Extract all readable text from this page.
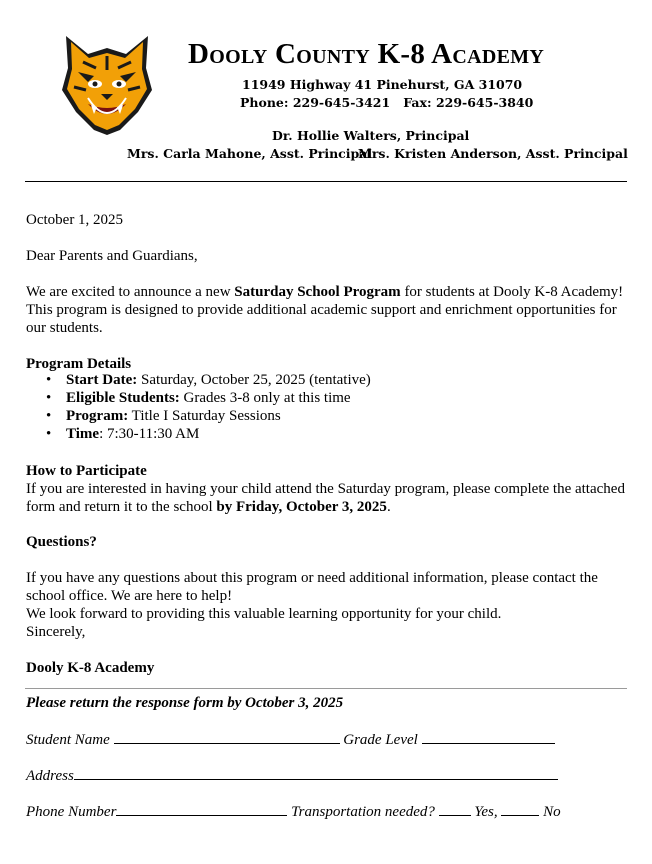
Dooly County K-8 Academy
11949 Highway 41 Pinehurst, GA 31070
Phone: 229-645-3421   Fax: 229-645-3840
Dr. Hollie Walters, Principal
Mrs. Carla Mahone, Asst. Principal
Mrs. Kristen Anderson, Asst. Principal
October 1, 2025
Dear Parents and Guardians,
We are excited to announce a new Saturday School Program for students at Dooly K-8 Academy! This program is designed to provide additional academic support and enrichment opportunities for our students.
Program Details
• Start Date: Saturday, October 25, 2025 (tentative)
• Eligible Students: Grades 3-8 only at this time
• Program: Title I Saturday Sessions
• Time: 7:30-11:30 AM
How to Participate
If you are interested in having your child attend the Saturday program, please complete the attached form and return it to the school by Friday, October 3, 2025.
Questions?
If you have any questions about this program or need additional information, please contact the school office. We are here to help!
We look forward to providing this valuable learning opportunity for your child.
Sincerely,
Dooly K-8 Academy
Please return the response form by October 3, 2025
Student Name	Grade Level
Address
Phone Number	Transportation needed?	Yes,	No
